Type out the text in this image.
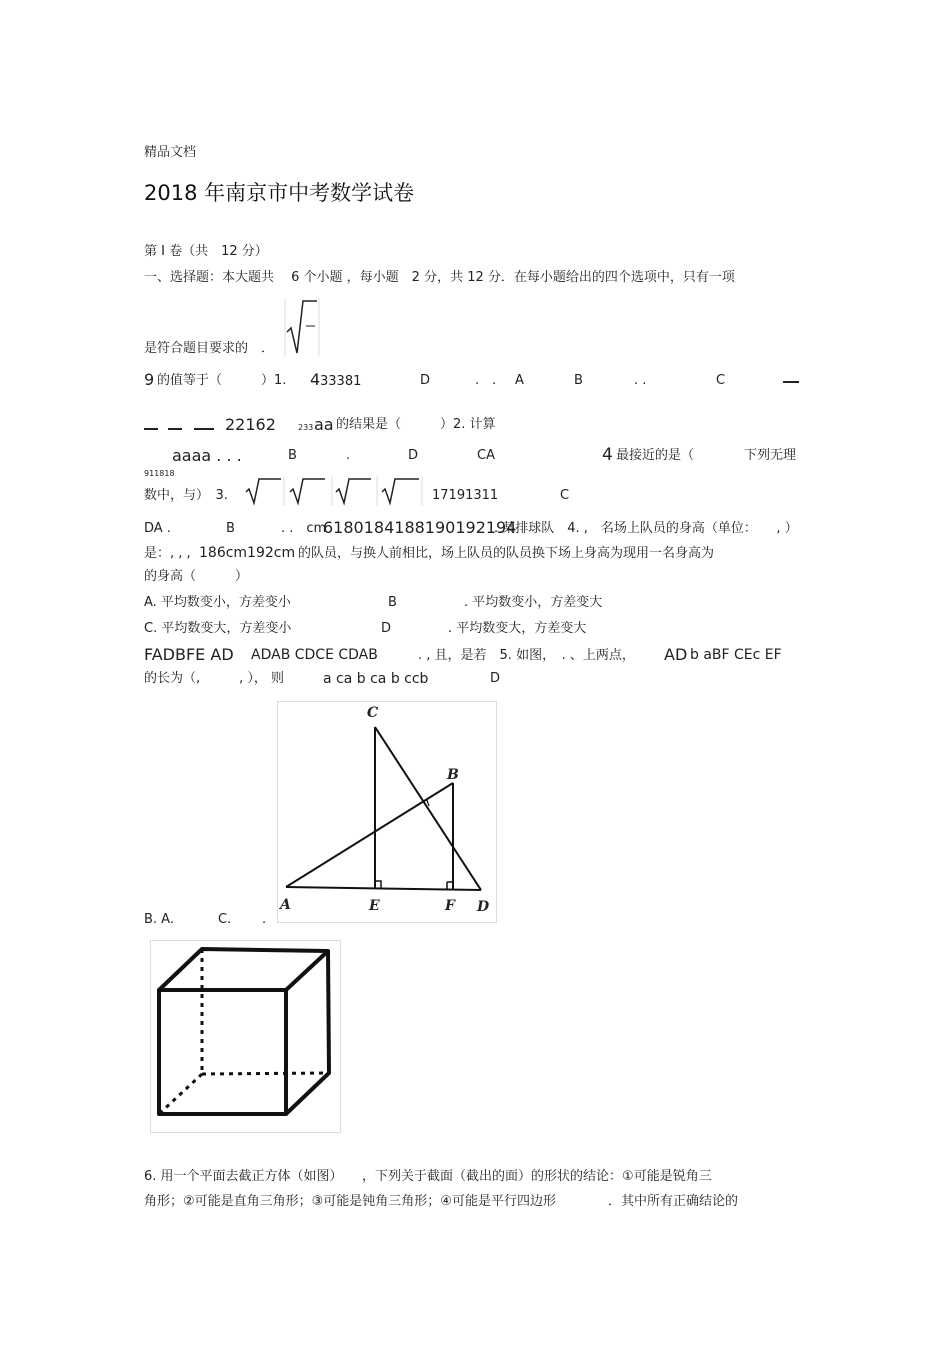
精品文档
2018 年南京市中考数学试卷
第 I 卷（共　12 分）
一、选择题：本大题共　 6 个小题 ，每小题　2 分，共 12 分．在每小题给出的四个选项中，只有一项
是符合题目要求的　．
9 的值等于（　　　）1. 4 33381	D	.　. A	B	. .	C
22162	233 aa 的结果是（　　　）2. 计算
911818
aaaa . . .	B	.	D	CA	4 最接近的是（	下列无理
数中，与）　3.	17191311	C
DA .	B	. .　cm
6180184188190192194
. 某排球队　4. ,　名场上队员的身高（单位：　　, ）
是：, , , 186cm192cm 的队员，与换人前相比，场上队员的队员换下场上身高为现用一名身高为
的身高（　　　）
A. 平均数变小，方差变小	B	. 平均数变小，方差变大
C. 平均数变大，方差变小	D	. 平均数变大，方差变大
FADBFE AD ADAB CDCE CDAB	. , 且，是若　5. 如图，　. 、上两点， AD b aBF CEc EF
的长为（,　　　, ）， 则	a ca b ca b ccb	D
C
B
A	E	F D
B. A.	C. .
6. 用一个平面去截正方体（如图）　　，下列关于截面（截出的面）的形状的结论：①可能是锐角三
角形；②可能是直角三角形；③可能是钝角三角形；④可能是平行四边形　　　　．其中所有正确结论的
